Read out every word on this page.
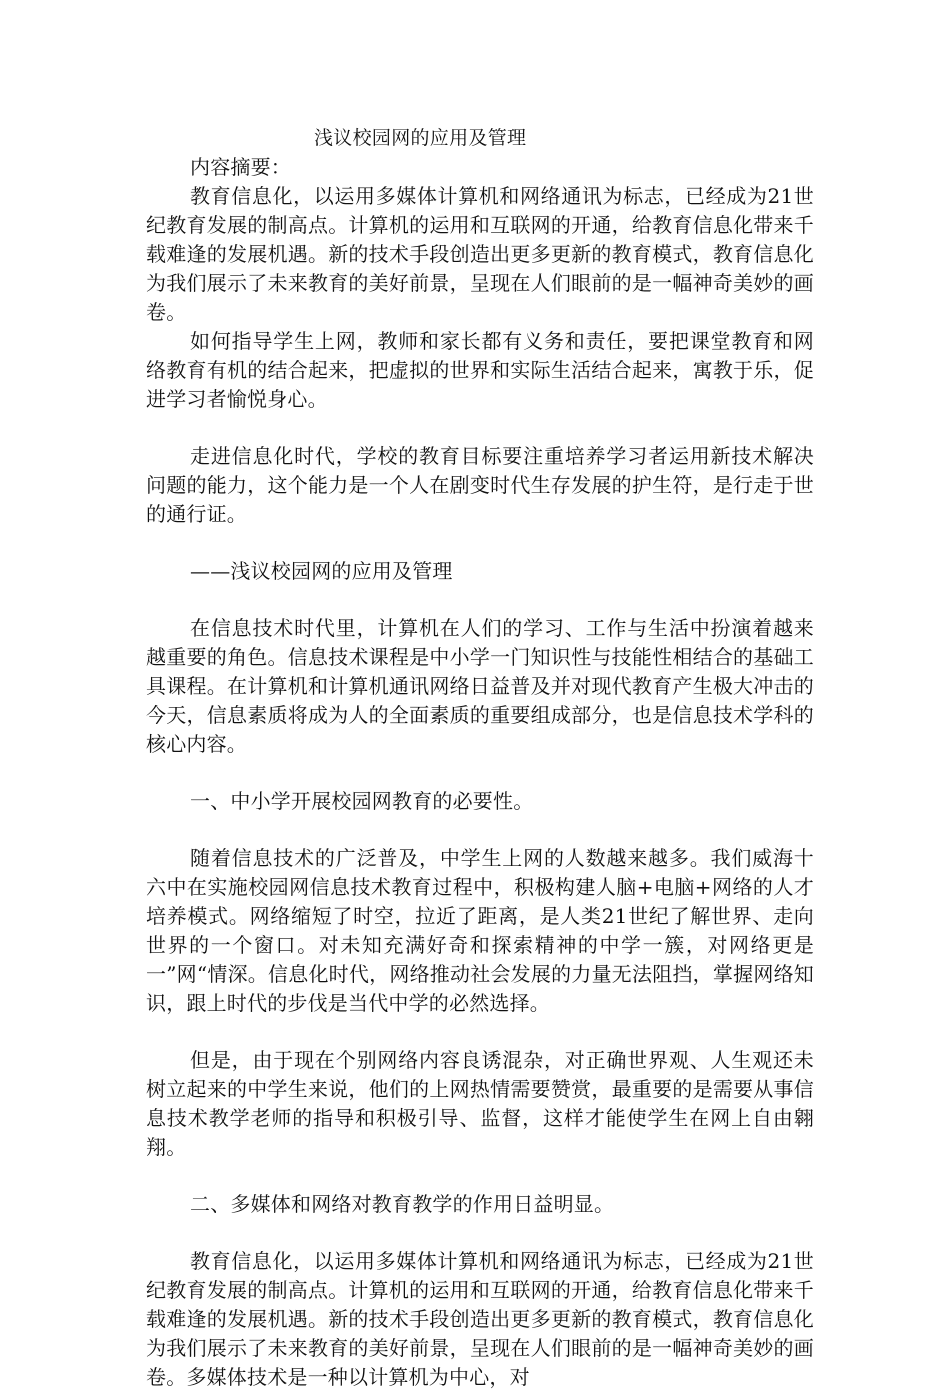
浅议校园网的应用及管理

内容摘要：

教育信息化，以运用多媒体计算机和网络通讯为标志，已经成为21世纪教育发展的制高点。计算机的运用和互联网的开通，给教育信息化带来千载难逢的发展机遇。新的技术手段创造出更多更新的教育模式，教育信息化为我们展示了未来教育的美好前景，呈现在人们眼前的是一幅神奇美妙的画卷。

如何指导学生上网，教师和家长都有义务和责任，要把课堂教育和网络教育有机的结合起来，把虚拟的世界和实际生活结合起来，寓教于乐，促进学习者愉悦身心。

走进信息化时代，学校的教育目标要注重培养学习者运用新技术解决问题的能力，这个能力是一个人在剧变时代生存发展的护生符，是行走于世的通行证。

——浅议校园网的应用及管理

在信息技术时代里，计算机在人们的学习、工作与生活中扮演着越来越重要的角色。信息技术课程是中小学一门知识性与技能性相结合的基础工具课程。在计算机和计算机通讯网络日益普及并对现代教育产生极大冲击的今天，信息素质将成为人的全面素质的重要组成部分，也是信息技术学科的核心内容。

一、中小学开展校园网教育的必要性。

随着信息技术的广泛普及，中学生上网的人数越来越多。我们威海十六中在实施校园网信息技术教育过程中，积极构建人脑+电脑+网络的人才培养模式。网络缩短了时空，拉近了距离，是人类21世纪了解世界、走向世界的一个窗口。对未知充满好奇和探索精神的中学一簇，对网络更是一”网“情深。信息化时代，网络推动社会发展的力量无法阻挡，掌握网络知识，跟上时代的步伐是当代中学的必然选择。

但是，由于现在个别网络内容良诱混杂，对正确世界观、人生观还未树立起来的中学生来说，他们的上网热情需要赞赏，最重要的是需要从事信息技术教学老师的指导和积极引导、监督，这样才能使学生在网上自由翱翔。

二、多媒体和网络对教育教学的作用日益明显。

教育信息化，以运用多媒体计算机和网络通讯为标志，已经成为21世纪教育发展的制高点。计算机的运用和互联网的开通，给教育信息化带来千载难逢的发展机遇。新的技术手段创造出更多更新的教育模式，教育信息化为我们展示了未来教育的美好前景，呈现在人们眼前的是一幅神奇美妙的画卷。多媒体技术是一种以计算机为中心，对
